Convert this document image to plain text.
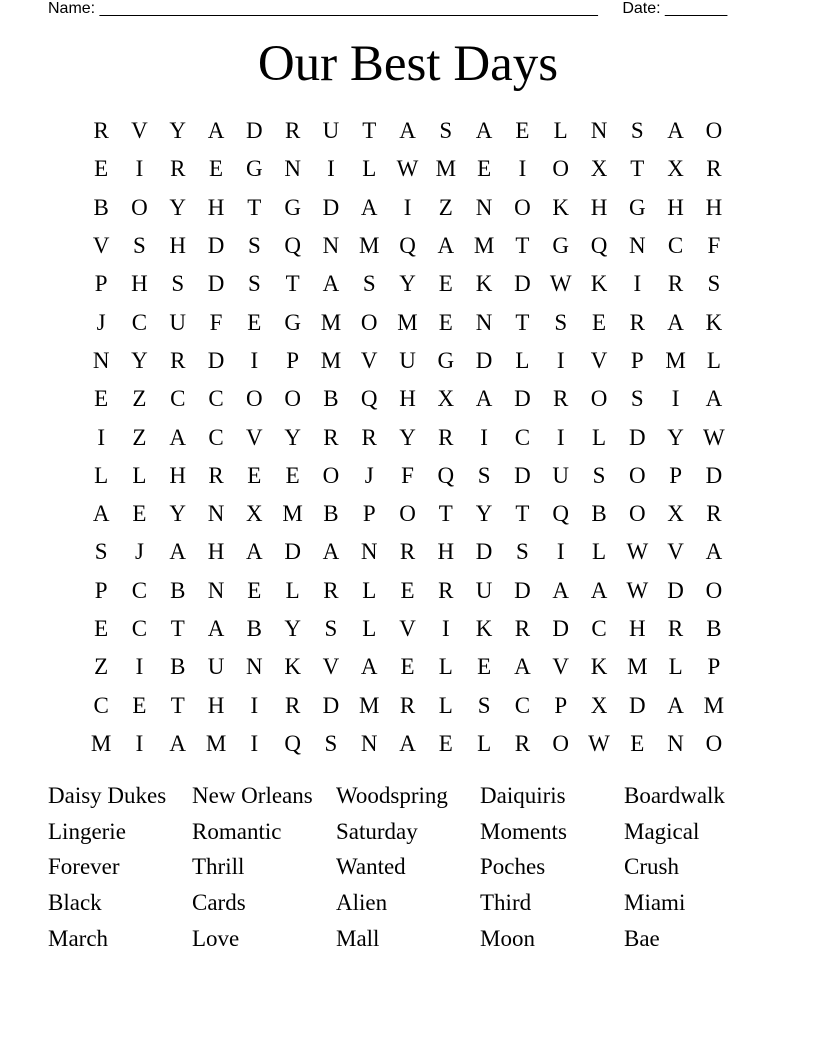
Name: ________________________________________________________ Date: _______
Our Best Days
R V Y A D R U T A	S	A E	L N	S	A O
E	I	R	E G N	I	L W M E	I	O X T X R
B O Y H T G D A	I	Z N O K H G H H
V	S	H D	S	Q N M Q A M T G Q N C	F
P	H	S	D	S	T A	S	Y E K D W K	I	R	S
J	C U	F	E G M O M E N T	S	E	R A K
N Y R D	I	P M V U G D L	I	V	P M L
E	Z	C C O O B Q H X A D R O	S	I	A
I	Z A C V Y R R Y R	I	C	I	L D Y W
L	L H R	E	E O	J	F	Q	S	D U	S	O	P	D
A E Y N X M B	P	O T Y T Q B O X R
S	J	A H A D A N R H D	S	I	L W V A
P	C B N E	L	R	L	E	R U D A A W D O
E	C	T A B Y	S	L V	I	K R D C H R B
Z	I	B U N K V A E	L	E A V K M L	P
C	E	T H	I	R D M R	L	S	C	P	X D A M
M	I	A M	I	Q	S	N A E	L	R O W E N O
Daisy Dukes	New Orleans	Woodspring	Daiquiris	Boardwalk
Lingerie	Romantic	Saturday	Moments	Magical
Forever	Thrill	Wanted	Poches	Crush
Black	Cards	Alien	Third	Miami
March	Love	Mall	Moon	Bae
